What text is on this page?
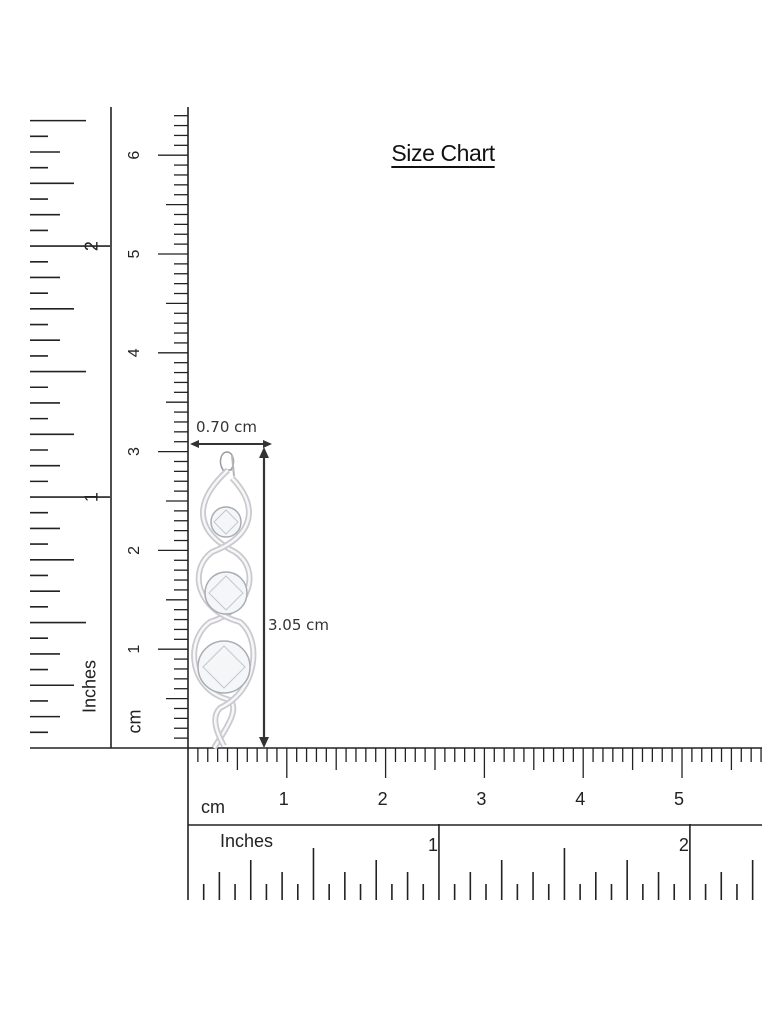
1
2
3
4
5
6
1
2
1	2	3	4	5
1	2
Size Chart
Inches
cm
cm
Inches
0.70 cm
3.05 cm
